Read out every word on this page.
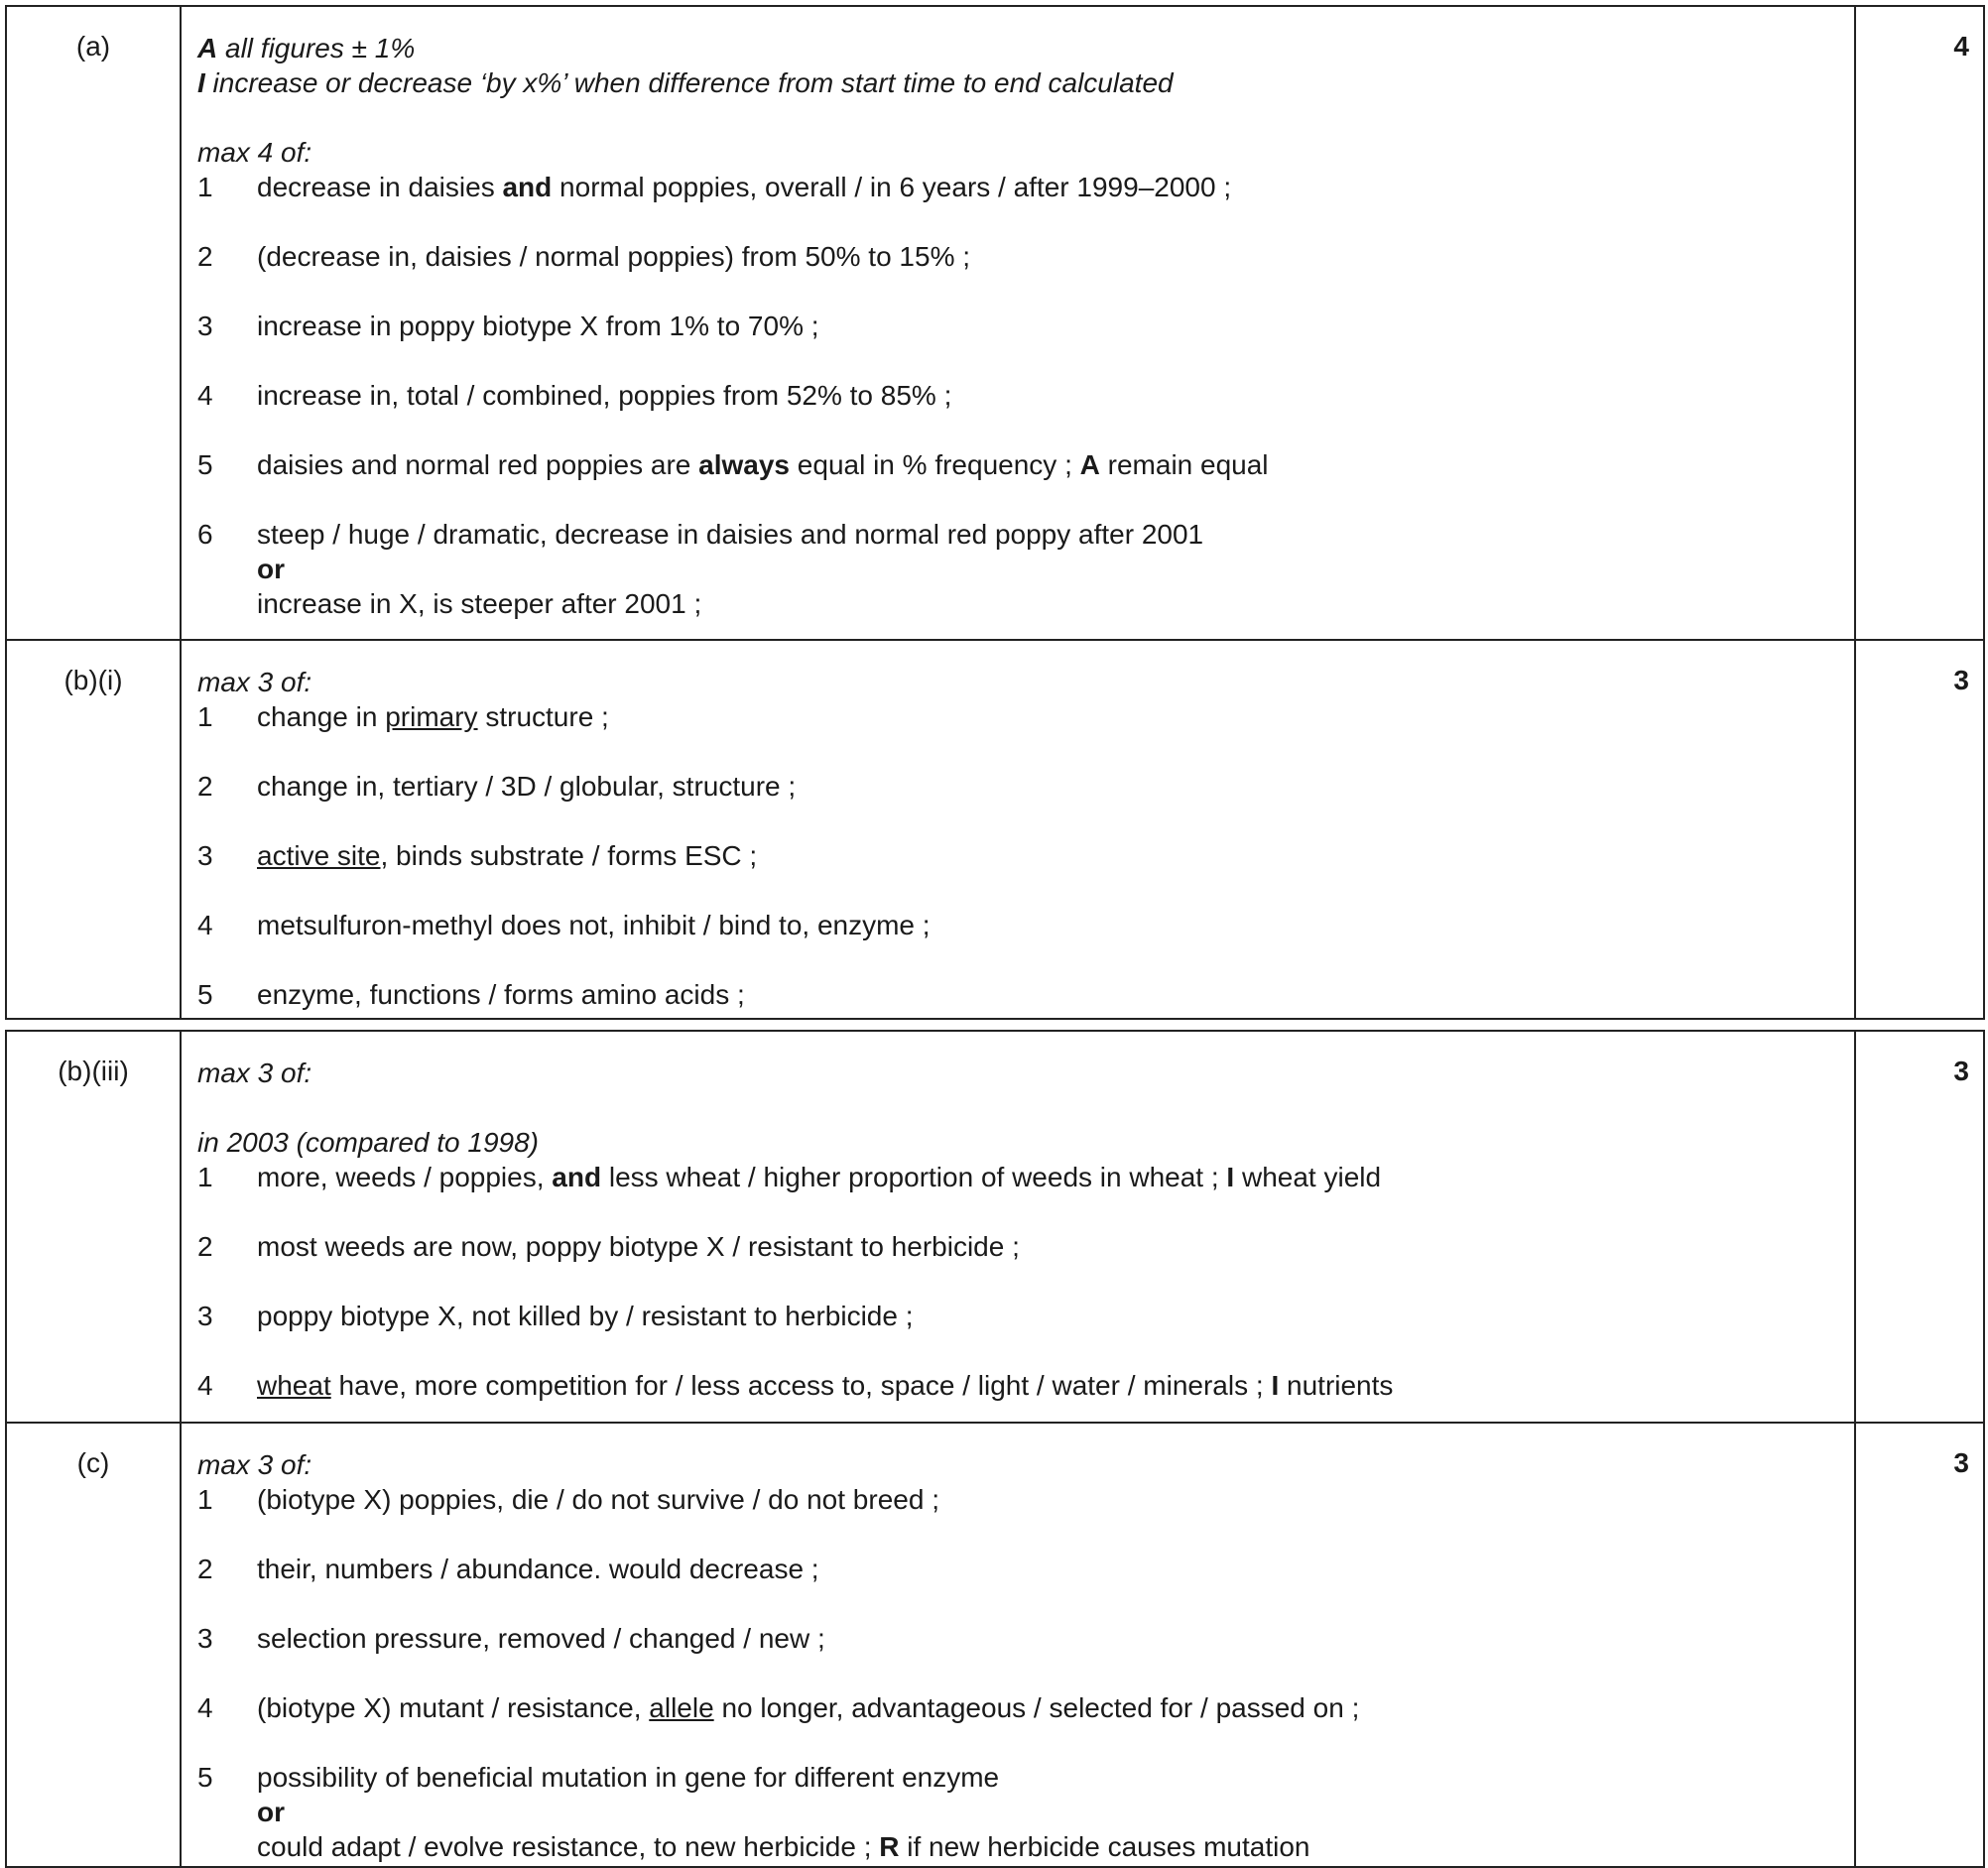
(a)	A all figures ± 1%
I increase or decrease ‘by x%’ when difference from start time to end calculated
max 4 of:
1	decrease in daisies and normal poppies, overall / in 6 years / after 1999–2000 ;
2	(decrease in, daisies / normal poppies) from 50% to 15% ;
3	increase in poppy biotype X from 1% to 70% ;
4	increase in, total / combined, poppies from 52% to 85% ;
5	daisies and normal red poppies are always equal in % frequency ; A remain equal
6	steep / huge / dramatic, decrease in daisies and normal red poppy after 2001
or
increase in X, is steeper after 2001 ;
4
(b)(i)	max 3 of:
1	change in primary structure ;
2	change in, tertiary / 3D / globular, structure ;
3	active site, binds substrate / forms ESC ;
4	metsulfuron-methyl does not, inhibit / bind to, enzyme ;
5	enzyme, functions / forms amino acids ;
3
(b)(iii)	max 3 of:
in 2003 (compared to 1998)
1	more, weeds / poppies, and less wheat / higher proportion of weeds in wheat ; I wheat yield
2	most weeds are now, poppy biotype X / resistant to herbicide ;
3	poppy biotype X, not killed by / resistant to herbicide ;
4	wheat have, more competition for / less access to, space / light / water / minerals ; I nutrients
3
(c)	max 3 of:
1	(biotype X) poppies, die / do not survive / do not breed ;
2	their, numbers / abundance. would decrease ;
3	selection pressure, removed / changed / new ;
4	(biotype X) mutant / resistance, allele no longer, advantageous / selected for / passed on ;
5	possibility of beneficial mutation in gene for different enzyme
or
could adapt / evolve resistance, to new herbicide ; R if new herbicide causes mutation
3
